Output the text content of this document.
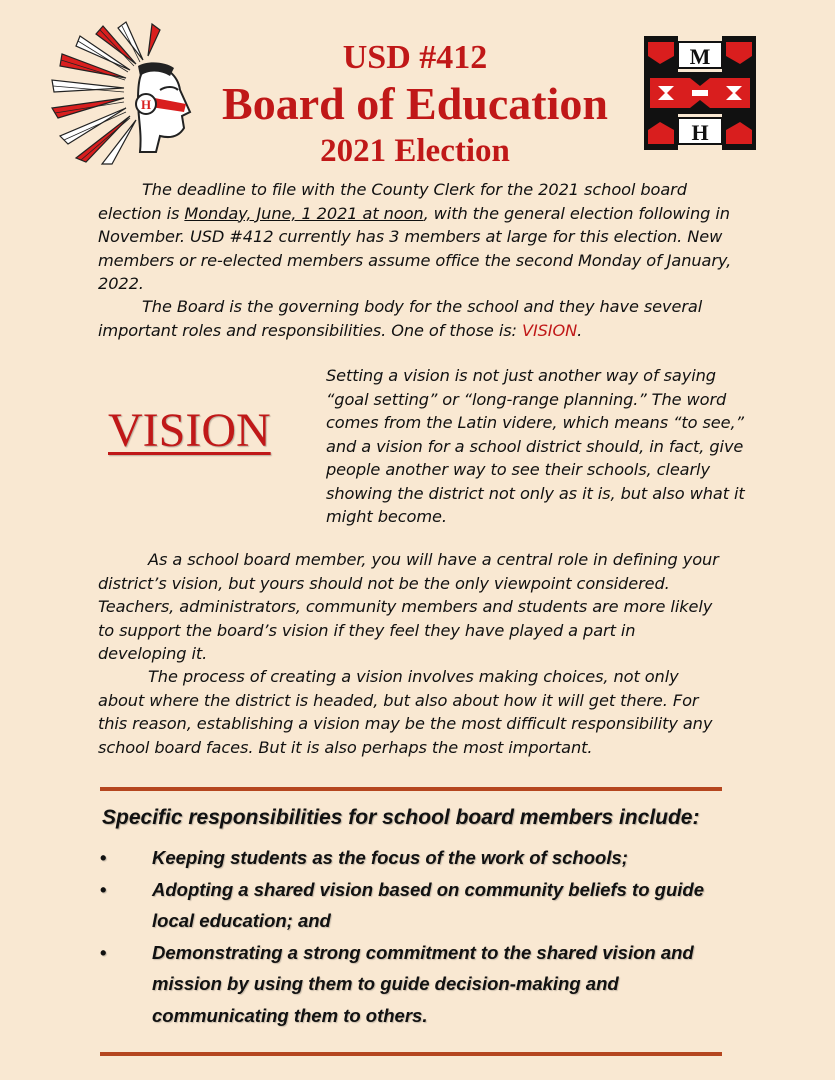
H
USD #412
Board of Education
2021 Election
M
H

The deadline to file with the County Clerk for the 2021 school board election is Monday, June, 1 2021 at noon, with the general election following in November. USD #412 currently has 3 members at large for this election. New members or re-elected members assume office the second Monday of January, 2022.

The Board is the governing body for the school and they have several important roles and responsibilities. One of those is: VISION.

VISION

Setting a vision is not just another way of saying “goal setting” or “long-range planning.” The word comes from the Latin videre, which means “to see,” and a vision for a school district should, in fact, give people another way to see their schools, clearly showing the district not only as it is, but also what it might become.

As a school board member, you will have a central role in defining your district’s vision, but yours should not be the only viewpoint considered. Teachers, administrators, community members and students are more likely to support the board’s vision if they feel they have played a part in developing it.

The process of creating a vision involves making choices, not only about where the district is headed, but also about how it will get there. For this reason, establishing a vision may be the most difficult responsibility any school board faces. But it is also perhaps the most important.

Specific responsibilities for school board members include:
• Keeping students as the focus of the work of schools;
• Adopting a shared vision based on community beliefs to guide local education; and
• Demonstrating a strong commitment to the shared vision and mission by using them to guide decision-making and communicating them to others.
